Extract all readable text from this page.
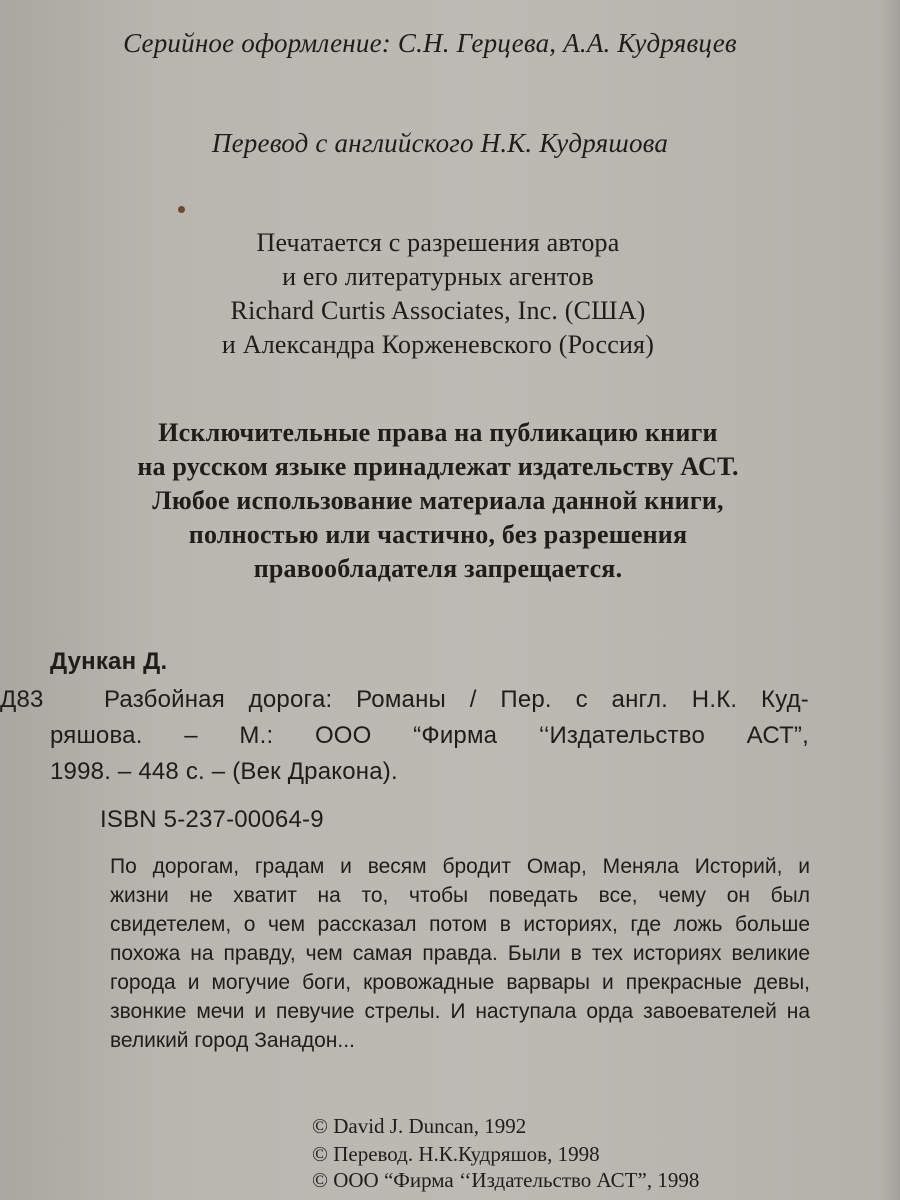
Серийное оформление: С.Н. Герцева, А.А. Кудрявцев
Перевод с английского Н.К. Кудряшова
Печатается с разрешения автора
и его литературных агентов
Richard Curtis Associates, Inc. (США)
и Александра Корженевского (Россия)
Исключительные права на публикацию книги
на русском языке принадлежат издательству АСТ.
Любое использование материала данной книги,
полностью или частично, без разрешения
правообладателя запрещается.
Дункан Д.
Д83	Разбойная дорога: Романы / Пер. с англ. Н.К. Куд-
ряшова. – М.: ООО “Фирма ‘‘Издательство АСТ”,
1998. – 448 с. – (Век Дракона).
ISBN 5-237-00064-9
По дорогам, градам и весям бродит Омар, Меняла Историй, и
жизни не хватит на то, чтобы поведать все, чему он был
свидетелем, о чем рассказал потом в историях, где ложь больше
похожа на правду, чем самая правда. Были в тех историях великие
города и могучие боги, кровожадные варвары и прекрасные девы,
звонкие мечи и певучие стрелы. И наступала орда завоевателей на
великий город Занадон...
© David J. Duncan, 1992
© Перевод. Н.К.Кудряшов, 1998
© ООО “Фирма ‘‘Издательство АСТ”, 1998
